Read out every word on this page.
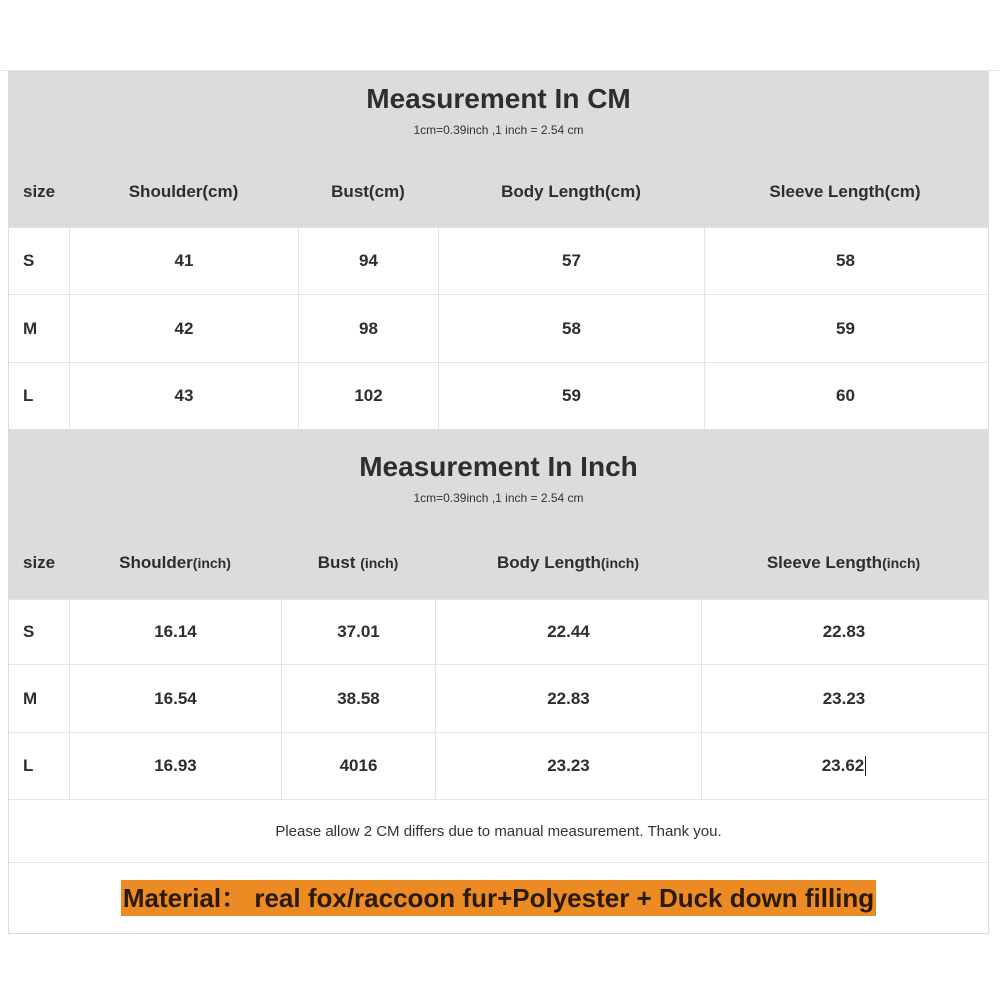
Measurement In CM
1cm=0.39inch ,1 inch = 2.54 cm
size	Shoulder(cm)	Bust(cm)	Body Length(cm)	Sleeve Length(cm)
S	41	94	57	58
M	42	98	58	59
L	43	102	59	60
Measurement In Inch
1cm=0.39inch ,1 inch = 2.54 cm
size	Shoulder (inch)	Bust (inch)	Body Length (inch)	Sleeve Length (inch)
S	16.14	37.01	22.44	22.83
M	16.54	38.58	22.83	23.23
L	16.93	4016	23.23	23.62
Please allow 2 CM differs due to manual measurement. Thank you.
Material： real fox/raccoon fur+Polyester + Duck down filling
